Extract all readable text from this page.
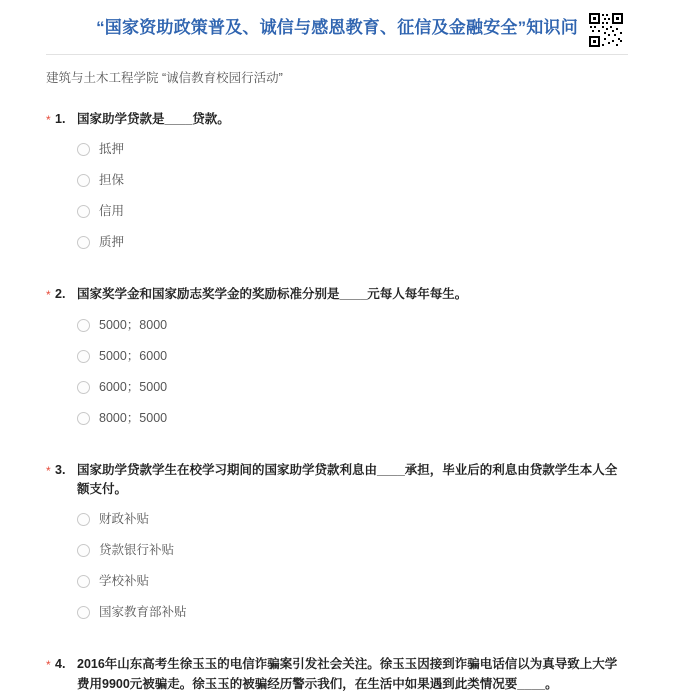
“国家资助政策普及、诚信与感恩教育、征信及金融安全”知识问
建筑与土木工程学院 “诚信教育校园行活动”
* 1. 国家助学贷款是____贷款。
抵押
担保
信用
质押
* 2. 国家奖学金和国家励志奖学金的奖励标准分别是____元每人每年每生。
5000；8000
5000；6000
6000；5000
8000；5000
* 3. 国家助学贷款学生在校学习期间的国家助学贷款利息由____承担，毕业后的利息由贷款学生本人全额支付。
财政补贴
贷款银行补贴
学校补贴
国家教育部补贴
* 4. 2016年山东高考生徐玉玉的电信诈骗案引发社会关注。徐玉玉因接到诈骗电话信以为真导致上大学费用9900元被骗走。徐玉玉的被骗经历警示我们，在生活中如果遇到此类情况要____。
